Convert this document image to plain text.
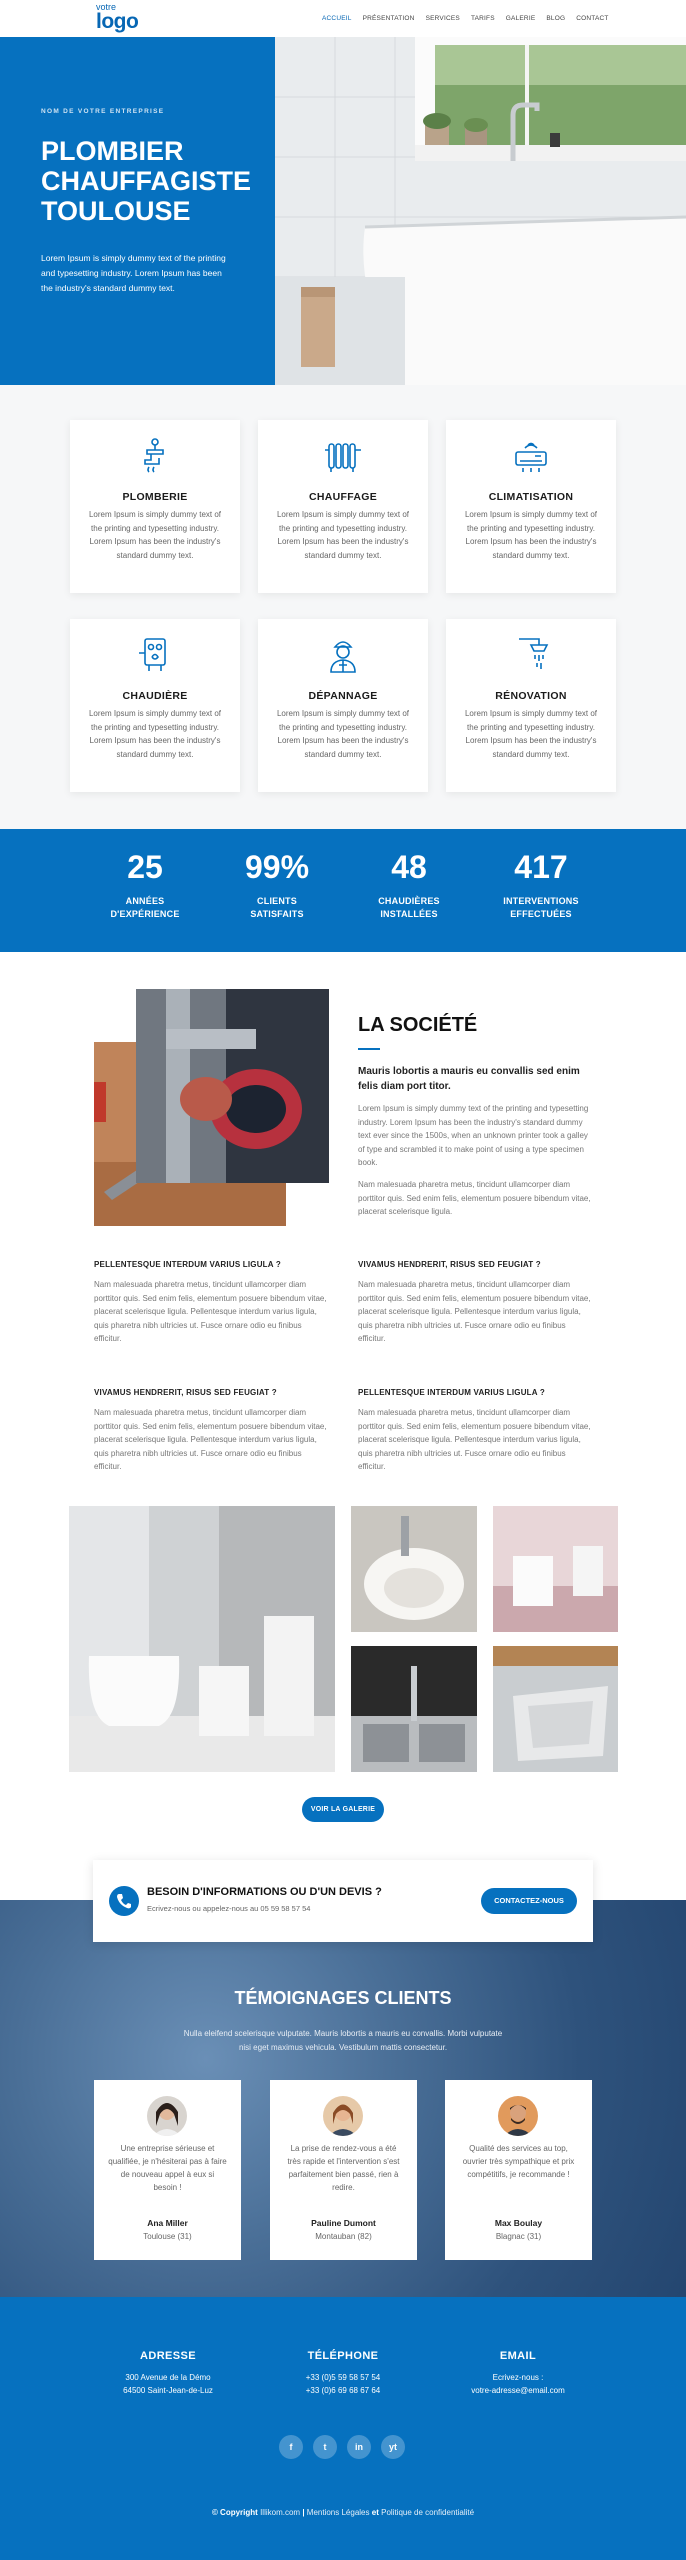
votre
logo	ACCUEIL PRÉSENTATION SERVICES TARIFS GALERIE BLOG CONTACT
NOM DE VOTRE ENTREPRISE
PLOMBIER CHAUFFAGISTE TOULOUSE
Lorem Ipsum is simply dummy text of the printing and typesetting industry. Lorem Ipsum has been the industry's standard dummy text.
PLOMBERIE
Lorem Ipsum is simply dummy text of the printing and typesetting industry. Lorem Ipsum has been the industry's standard dummy text.
CHAUFFAGE
Lorem Ipsum is simply dummy text of the printing and typesetting industry. Lorem Ipsum has been the industry's standard dummy text.
CLIMATISATION
Lorem Ipsum is simply dummy text of the printing and typesetting industry. Lorem Ipsum has been the industry's standard dummy text.
CHAUDIÈRE
Lorem Ipsum is simply dummy text of the printing and typesetting industry. Lorem Ipsum has been the industry's standard dummy text.
DÉPANNAGE
Lorem Ipsum is simply dummy text of the printing and typesetting industry. Lorem Ipsum has been the industry's standard dummy text.
RÉNOVATION
Lorem Ipsum is simply dummy text of the printing and typesetting industry. Lorem Ipsum has been the industry's standard dummy text.
25
ANNÉES
D'EXPÉRIENCE
99%
CLIENTS
SATISFAITS
48
CHAUDIÈRES
INSTALLÉES
417
INTERVENTIONS
EFFECTUÉES
LA SOCIÉTÉ
Mauris lobortis a mauris eu convallis sed enim felis diam port titor.
Lorem Ipsum is simply dummy text of the printing and typesetting industry. Lorem Ipsum has been the industry's standard dummy text ever since the 1500s, when an unknown printer took a galley of type and scrambled it to make point of using a type specimen book.
Nam malesuada pharetra metus, tincidunt ullamcorper diam porttitor quis. Sed enim felis, elementum posuere bibendum vitae, placerat scelerisque ligula.
PELLENTESQUE INTERDUM VARIUS LIGULA ?
Nam malesuada pharetra metus, tincidunt ullamcorper diam porttitor quis. Sed enim felis, elementum posuere bibendum vitae, placerat scelerisque ligula. Pellentesque interdum varius ligula, quis pharetra nibh ultricies ut. Fusce ornare odio eu finibus efficitur.
VIVAMUS HENDRERIT, RISUS SED FEUGIAT ?
Nam malesuada pharetra metus, tincidunt ullamcorper diam porttitor quis. Sed enim felis, elementum posuere bibendum vitae, placerat scelerisque ligula. Pellentesque interdum varius ligula, quis pharetra nibh ultricies ut. Fusce ornare odio eu finibus efficitur.
VIVAMUS HENDRERIT, RISUS SED FEUGIAT ?
Nam malesuada pharetra metus, tincidunt ullamcorper diam porttitor quis. Sed enim felis, elementum posuere bibendum vitae, placerat scelerisque ligula. Pellentesque interdum varius ligula, quis pharetra nibh ultricies ut. Fusce ornare odio eu finibus efficitur.
PELLENTESQUE INTERDUM VARIUS LIGULA ?
Nam malesuada pharetra metus, tincidunt ullamcorper diam porttitor quis. Sed enim felis, elementum posuere bibendum vitae, placerat scelerisque ligula. Pellentesque interdum varius ligula, quis pharetra nibh ultricies ut. Fusce ornare odio eu finibus efficitur.
VOIR LA GALERIE
TÉMOIGNAGES CLIENTS
Nulla eleifend scelerisque vulputate. Mauris lobortis a mauris eu convallis. Morbi vulputate nisi eget maximus vehicula. Vestibulum mattis consectetur.
Une entreprise sérieuse et qualifiée, je n'hésiterai pas à faire de nouveau appel à eux si besoin !
Ana Miller
Toulouse (31)
La prise de rendez-vous a été très rapide et l'intervention s'est parfaitement bien passé, rien à redire.
Pauline Dumont
Montauban (82)
Qualité des services au top, ouvrier très sympathique et prix compétitifs, je recommande !
Max Boulay
Blagnac (31)
BESOIN D'INFORMATIONS OU D'UN DEVIS ?
Ecrivez-nous ou appelez-nous au 05 59 58 57 54
CONTACTEZ-NOUS
ADRESSE
300 Avenue de la Démo
64500 Saint-Jean-de-Luz
TÉLÉPHONE
+33 (0)5 59 58 57 54
+33 (0)6 69 68 67 64
EMAIL
Ecrivez-nous :
votre-adresse@email.com
f	t	in	yt
© Copyright Illikom.com | Mentions Légales et Politique de confidentialité
